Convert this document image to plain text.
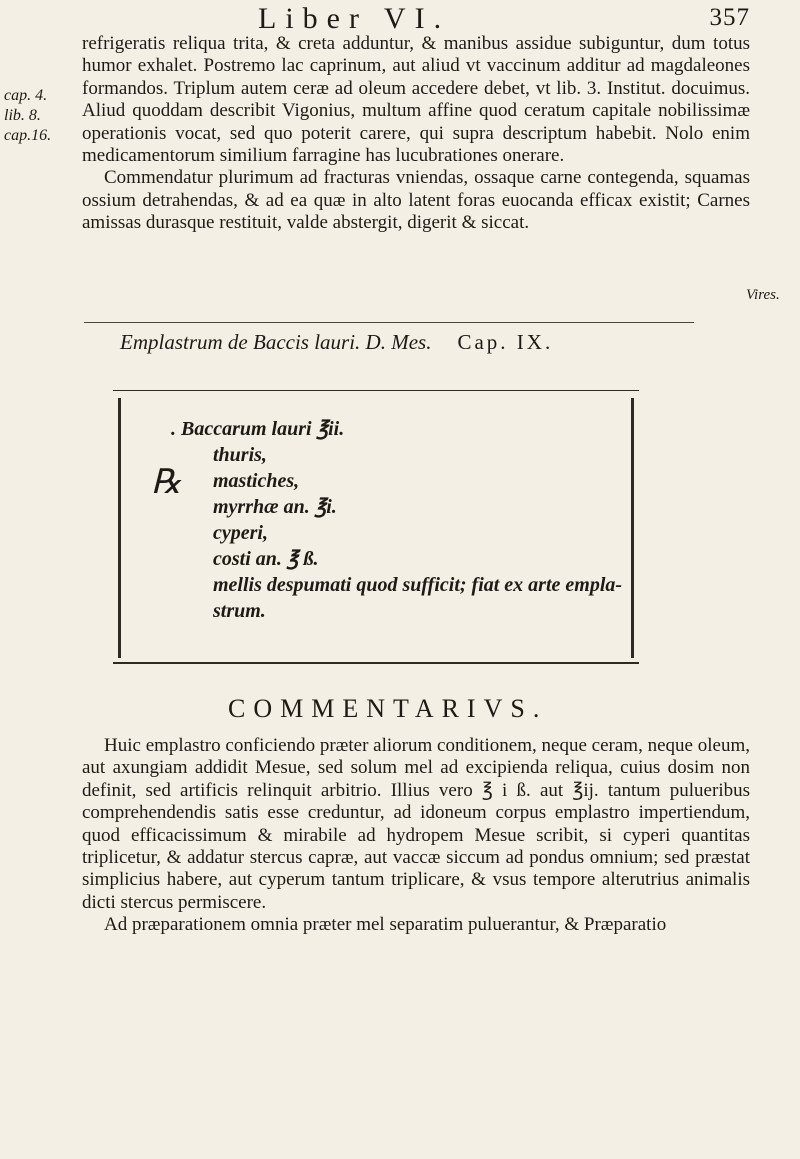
Liber VI.	357
cap. 4.
lib. 8.
cap.16.

refrigeratis reliqua trita, & creta adduntur, & manibus assidue subiguntur, dum totus humor exhalet. Postremo lac caprinum, aut aliud vt vaccinum additur ad magdaleones formandos. Triplum autem ceræ ad oleum accedere debet, vt lib. 3. Institut. docuimus. Aliud quoddam describit Vigonius, multum affine quod ceratum capitale nobilissimæ operationis vocat, sed quo poterit carere, qui supra descriptum habebit. Nolo enim medicamentorum similium farragine has lucubrationes onerare.

Commendatur plurimum ad fracturas vniendas, ossaque carne contegenda, squamas ossium detrahendas, & ad ea quæ in alto latent foras euocanda efficax existit; Carnes amissas durasque restituit, valde abstergit, digerit & siccat.

Vires.
Emplastrum de Baccis lauri. D. Mes. Cap. IX.
℞
. Baccarum lauri ℥ii.
thuris,
mastiches,
myrrhæ an. ℥i.
cyperi,
costi an. ℥ ß.
mellis despumati quod sufficit; fiat ex arte empla-
strum.
COMMENTARIVS.

Huic emplastro conficiendo præter aliorum conditionem, neque ceram, neque oleum, aut axungiam addidit Mesue, sed solum mel ad excipienda reliqua, cuius dosim non definit, sed artificis relinquit arbitrio. Illius vero ℥ i ß. aut ℥ij. tantum pulueribus comprehendendis satis esse creduntur, ad idoneum corpus emplastro impertiendum, quod efficacissimum & mirabile ad hydropem Mesue scribit, si cyperi quantitas triplicetur, & addatur stercus capræ, aut vaccæ siccum ad pondus omnium; sed præstat simplicius habere, aut cyperum tantum triplicare, & vsus tempore alterutrius animalis dicti stercus permiscere.

Ad præparationem omnia præter mel separatim puluerantur, & Præparatio
